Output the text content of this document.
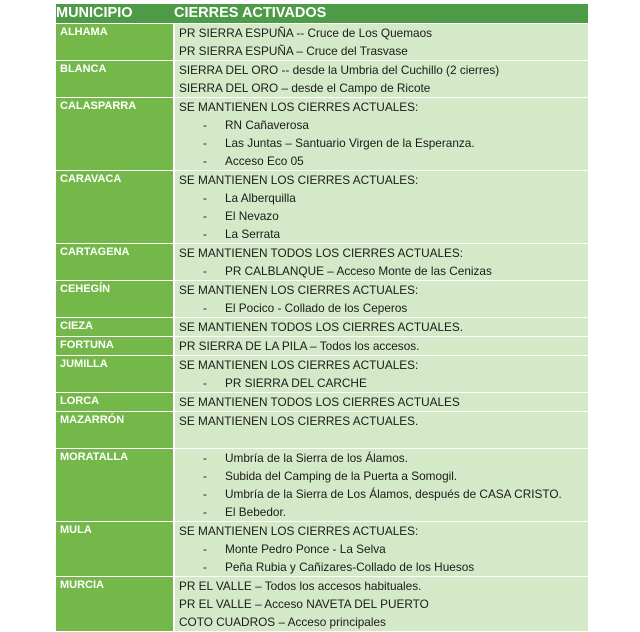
MUNICIPIO	CIERRES ACTIVADOS
ALHAMA	PR SIERRA ESPUÑA -- Cruce de Los Quemaos
PR SIERRA ESPUÑA – Cruce del Trasvase

BLANCA	SIERRA DEL ORO -- desde la Umbria del Cuchillo (2 cierres)
SIERRA DEL ORO – desde el Campo de Ricote

CALASPARRA	SE MANTIENEN LOS CIERRES ACTUALES:
- RN Cañaverosa
- Las Juntas – Santuario Virgen de la Esperanza.
- Acceso Eco 05

CARAVACA	SE MANTIENEN LOS CIERRES ACTUALES:
- La Alberquilla
- El Nevazo
- La Serrata

CARTAGENA	SE MANTIENEN TODOS LOS CIERRES ACTUALES:
- PR CALBLANQUE – Acceso Monte de las Cenizas

CEHEGÍN	SE MANTIENEN LOS CIERRES ACTUALES:
- El Pocico - Collado de los Ceperos

CIEZA	SE MANTIENEN TODOS LOS CIERRES ACTUALES.

FORTUNA	PR SIERRA DE LA PILA – Todos los accesos.

JUMILLA	SE MANTIENEN LOS CIERRES ACTUALES:
- PR SIERRA DEL CARCHE

LORCA	SE MANTIENEN TODOS LOS CIERRES ACTUALES

MAZARRÓN	SE MANTIENEN LOS CIERRES ACTUALES.

MORATALLA	- Umbría de la Sierra de los Álamos.
- Subida del Camping de la Puerta a Somogil.
- Umbría de la Sierra de Los Álamos, después de CASA CRISTO.
- El Bebedor.

MULA	SE MANTIENEN LOS CIERRES ACTUALES:
- Monte Pedro Ponce - La Selva
- Peña Rubia y Cañizares-Collado de los Huesos

MURCIA	PR EL VALLE – Todos los accesos habituales.
PR EL VALLE – Acceso NAVETA DEL PUERTO
COTO CUADROS – Acceso principales
